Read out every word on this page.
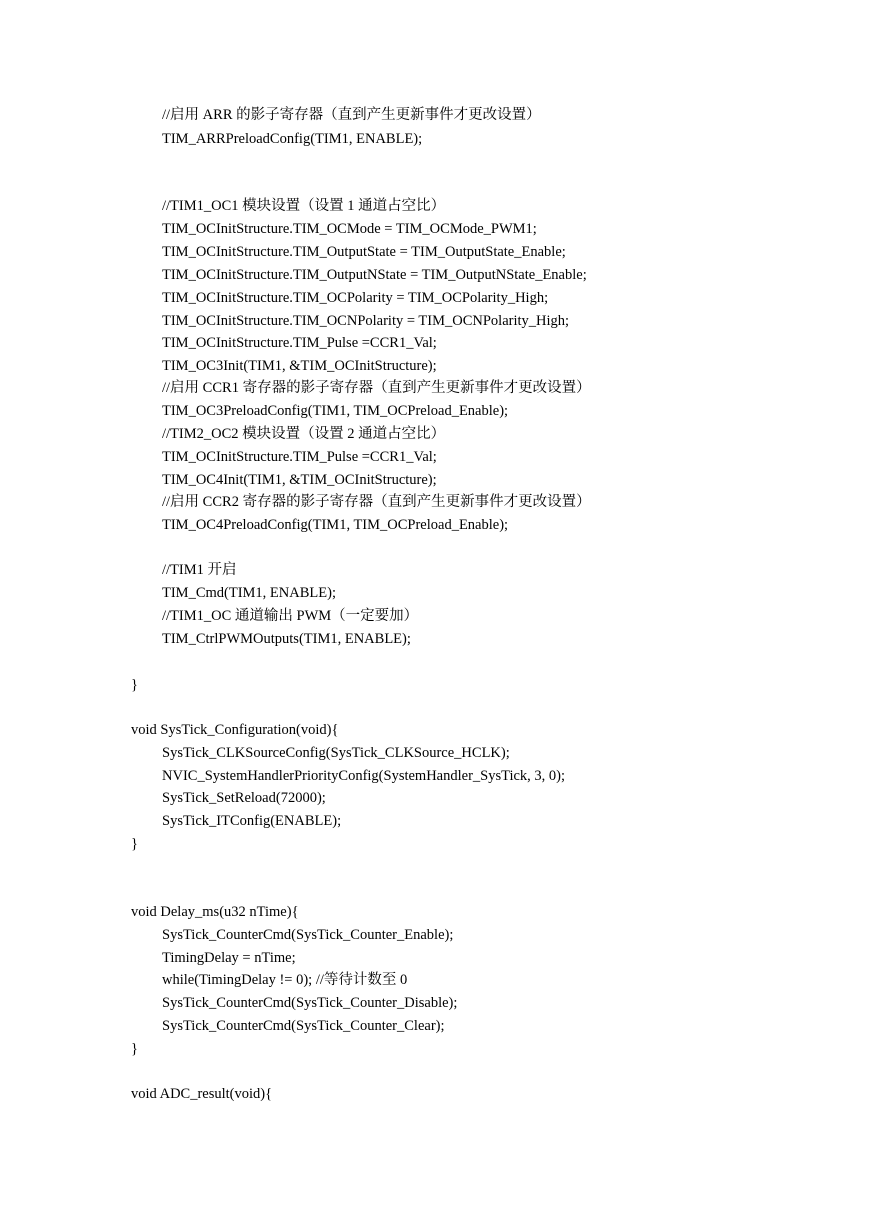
//启用 ARR 的影子寄存器（直到产生更新事件才更改设置）
TIM_ARRPreloadConfig(TIM1, ENABLE);
//TIM1_OC1 模块设置（设置 1 通道占空比）
TIM_OCInitStructure.TIM_OCMode = TIM_OCMode_PWM1;
TIM_OCInitStructure.TIM_OutputState = TIM_OutputState_Enable;
TIM_OCInitStructure.TIM_OutputNState = TIM_OutputNState_Enable;
TIM_OCInitStructure.TIM_OCPolarity = TIM_OCPolarity_High;
TIM_OCInitStructure.TIM_OCNPolarity = TIM_OCNPolarity_High;
TIM_OCInitStructure.TIM_Pulse =CCR1_Val;
TIM_OC3Init(TIM1, &TIM_OCInitStructure);
//启用 CCR1 寄存器的影子寄存器（直到产生更新事件才更改设置）
TIM_OC3PreloadConfig(TIM1, TIM_OCPreload_Enable);
//TIM2_OC2 模块设置（设置 2 通道占空比）
TIM_OCInitStructure.TIM_Pulse =CCR1_Val;
TIM_OC4Init(TIM1, &TIM_OCInitStructure);
//启用 CCR2 寄存器的影子寄存器（直到产生更新事件才更改设置）
TIM_OC4PreloadConfig(TIM1, TIM_OCPreload_Enable);
//TIM1 开启
TIM_Cmd(TIM1, ENABLE);
//TIM1_OC 通道输出 PWM（一定要加）
TIM_CtrlPWMOutputs(TIM1, ENABLE);
}
void SysTick_Configuration(void){
SysTick_CLKSourceConfig(SysTick_CLKSource_HCLK);
NVIC_SystemHandlerPriorityConfig(SystemHandler_SysTick, 3, 0);
SysTick_SetReload(72000);
SysTick_ITConfig(ENABLE);
}
void Delay_ms(u32 nTime){
SysTick_CounterCmd(SysTick_Counter_Enable);
TimingDelay = nTime;
while(TimingDelay != 0); //等待计数至 0
SysTick_CounterCmd(SysTick_Counter_Disable);
SysTick_CounterCmd(SysTick_Counter_Clear);
}
void ADC_result(void){
